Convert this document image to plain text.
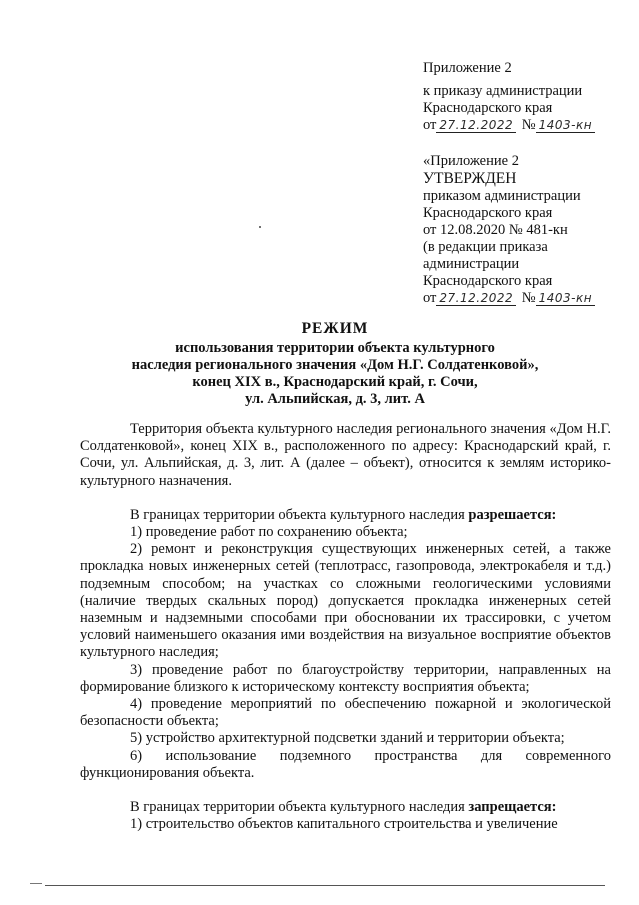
Приложение 2
к приказу администрации
Краснодарского края
от 27.12.2022 № 1403-кн
«Приложение 2
УТВЕРЖДЕН
приказом администрации
Краснодарского края
от 12.08.2020 № 481-кн
(в редакции приказа
администрации
Краснодарского края
от 27.12.2022 № 1403-кн
РЕЖИМ
использования территории объекта культурного
наследия регионального значения «Дом Н.Г. Солдатенковой»,
конец XIX в., Краснодарский край, г. Сочи,
ул. Альпийская, д. 3, лит. А

Территория объекта культурного наследия регионального значения «Дом Н.Г. Солдатенковой», конец XIX в., расположенного по адресу: Краснодарский край, г. Сочи, ул. Альпийская, д. 3, лит. А (далее – объект), относится к землям историко-культурного назначения.

В границах территории объекта культурного наследия разрешается:

1) проведение работ по сохранению объекта;

2) ремонт и реконструкция существующих инженерных сетей, а также прокладка новых инженерных сетей (теплотрасс, газопровода, электрокабеля и т.д.) подземным способом; на участках со сложными геологическими условиями (наличие твердых скальных пород) допускается прокладка инженерных сетей наземным и надземными способами при обосновании их трассировки, с учетом условий наименьшего оказания ими воздействия на визуальное восприятие объектов культурного наследия;

3) проведение работ по благоустройству территории, направленных на формирование близкого к историческому контексту восприятия объекта;

4) проведение мероприятий по обеспечению пожарной и экологической безопасности объекта;

5) устройство архитектурной подсветки зданий и территории объекта;

6) использование подземного пространства для современного функционирования объекта.

В границах территории объекта культурного наследия запрещается:

1) строительство объектов капитального строительства и увеличение
